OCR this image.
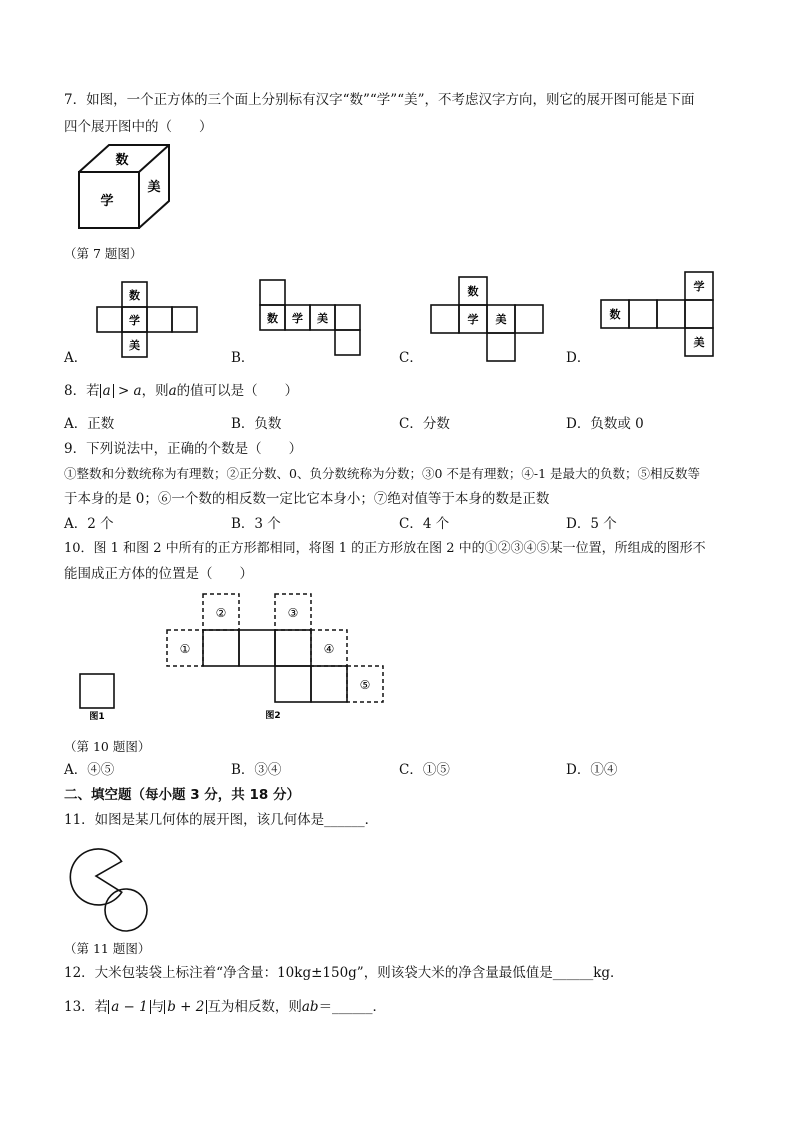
7．如图，一个正方体的三个面上分别标有汉字“数”“学”“美”，不考虑汉字方向，则它的展开图可能是下面
四个展开图中的（　　）
数
学
美
（第 7 题图）
数
学
美
数 学 美
数
学 美
学
数
美
A．	B．	C．	D．
8．若 a > a，则a的值可以是（　　）
A．正数	B．负数	C．分数	D．负数或 0
9．下列说法中，正确的个数是（　　）
①整数和分数统称为有理数；②正分数、0、负分数统称为分数；③0 不是有理数；④-1 是最大的负数；⑤相反数等
于本身的是 0；⑥一个数的相反数一定比它本身小；⑦绝对值等于本身的数是正数
A．2 个	B．3 个	C．4 个	D．5 个
10．图 1 和图 2 中所有的正方形都相同，将图 1 的正方形放在图 2 中的①②③④⑤某一位置，所组成的图形不
能围成正方体的位置是（　　）
图1
①
②	③
④
⑤
图2
（第 10 题图）
A．④⑤	B．③④	C．①⑤	D．①④
二、填空题（每小题 3 分，共 18 分）
11．如图是某几何体的展开图，该几何体是______．
（第 11 题图）
12．大米包装袋上标注着“净含量：10kg±150g”，则该袋大米的净含量最低值是______kg．
13．若 a − 1 与 b + 2 互为相反数，则ab＝______．
